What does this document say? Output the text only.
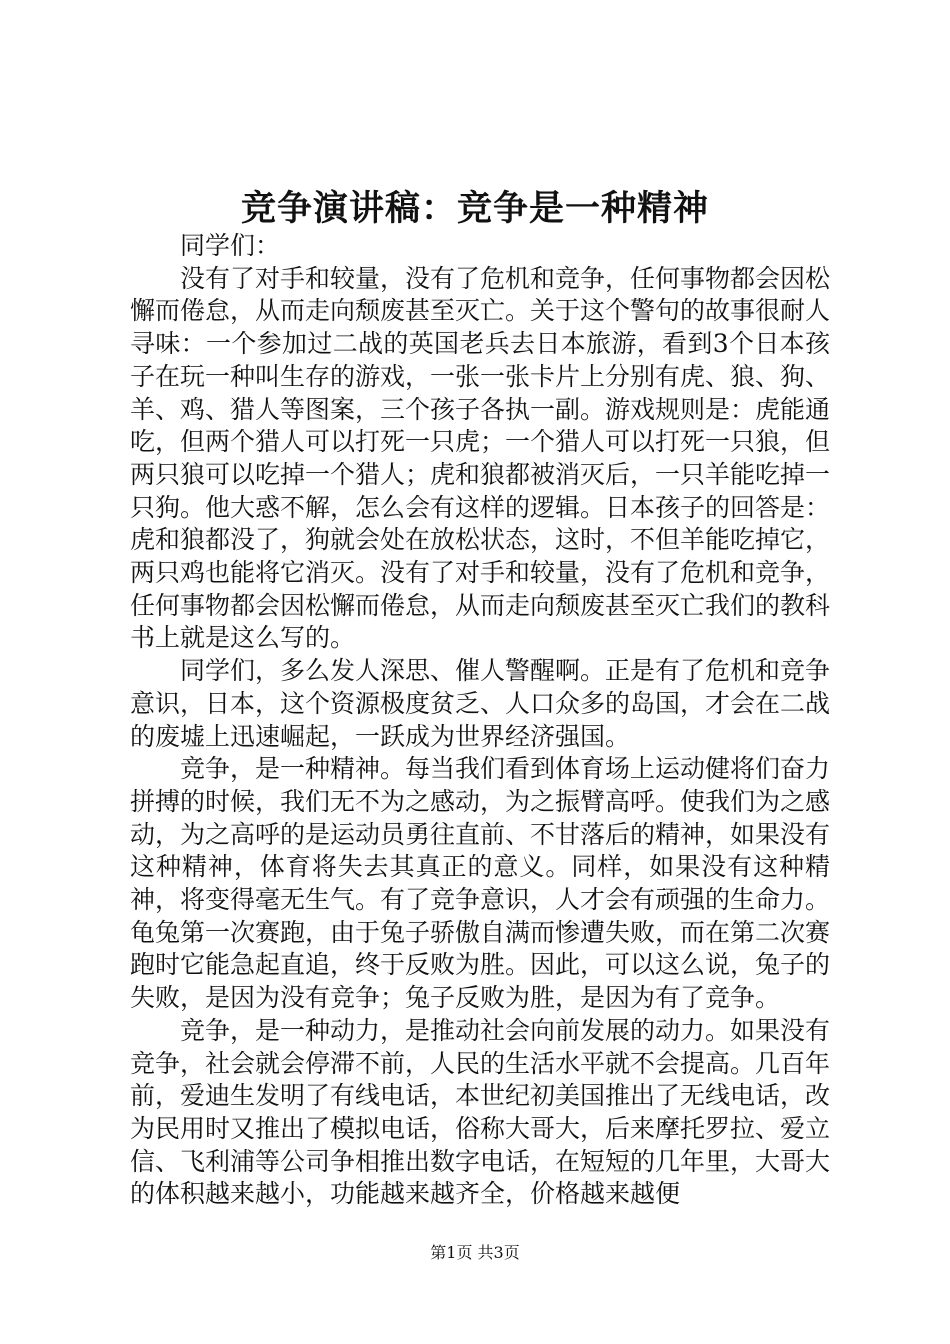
竞争演讲稿：竞争是一种精神

同学们：

没有了对手和较量，没有了危机和竞争，任何事物都会因松懈而倦怠，从而走向颓废甚至灭亡。关于这个警句的故事很耐人寻味：一个参加过二战的英国老兵去日本旅游，看到3个日本孩子在玩一种叫生存的游戏，一张一张卡片上分别有虎、狼、狗、羊、鸡、猎人等图案，三个孩子各执一副。游戏规则是：虎能通吃，但两个猎人可以打死一只虎；一个猎人可以打死一只狼，但两只狼可以吃掉一个猎人；虎和狼都被消灭后，一只羊能吃掉一只狗。他大惑不解，怎么会有这样的逻辑。日本孩子的回答是：虎和狼都没了，狗就会处在放松状态，这时，不但羊能吃掉它，两只鸡也能将它消灭。没有了对手和较量，没有了危机和竞争，任何事物都会因松懈而倦怠，从而走向颓废甚至灭亡我们的教科书上就是这么写的。

同学们，多么发人深思、催人警醒啊。正是有了危机和竞争意识，日本，这个资源极度贫乏、人口众多的岛国，才会在二战的废墟上迅速崛起，一跃成为世界经济强国。

竞争，是一种精神。每当我们看到体育场上运动健将们奋力拼搏的时候，我们无不为之感动，为之振臂高呼。使我们为之感动，为之高呼的是运动员勇往直前、不甘落后的精神，如果没有这种精神，体育将失去其真正的意义。同样，如果没有这种精神，将变得毫无生气。有了竞争意识，人才会有顽强的生命力。龟兔第一次赛跑，由于兔子骄傲自满而惨遭失败，而在第二次赛跑时它能急起直追，终于反败为胜。因此，可以这么说，兔子的失败，是因为没有竞争；兔子反败为胜，是因为有了竞争。

竞争，是一种动力，是推动社会向前发展的动力。如果没有竞争，社会就会停滞不前，人民的生活水平就不会提高。几百年前，爱迪生发明了有线电话，本世纪初美国推出了无线电话，改为民用时又推出了模拟电话，俗称大哥大，后来摩托罗拉、爱立信、飞利浦等公司争相推出数字电话，在短短的几年里，大哥大的体积越来越小，功能越来越齐全，价格越来越便

第1页 共3页
